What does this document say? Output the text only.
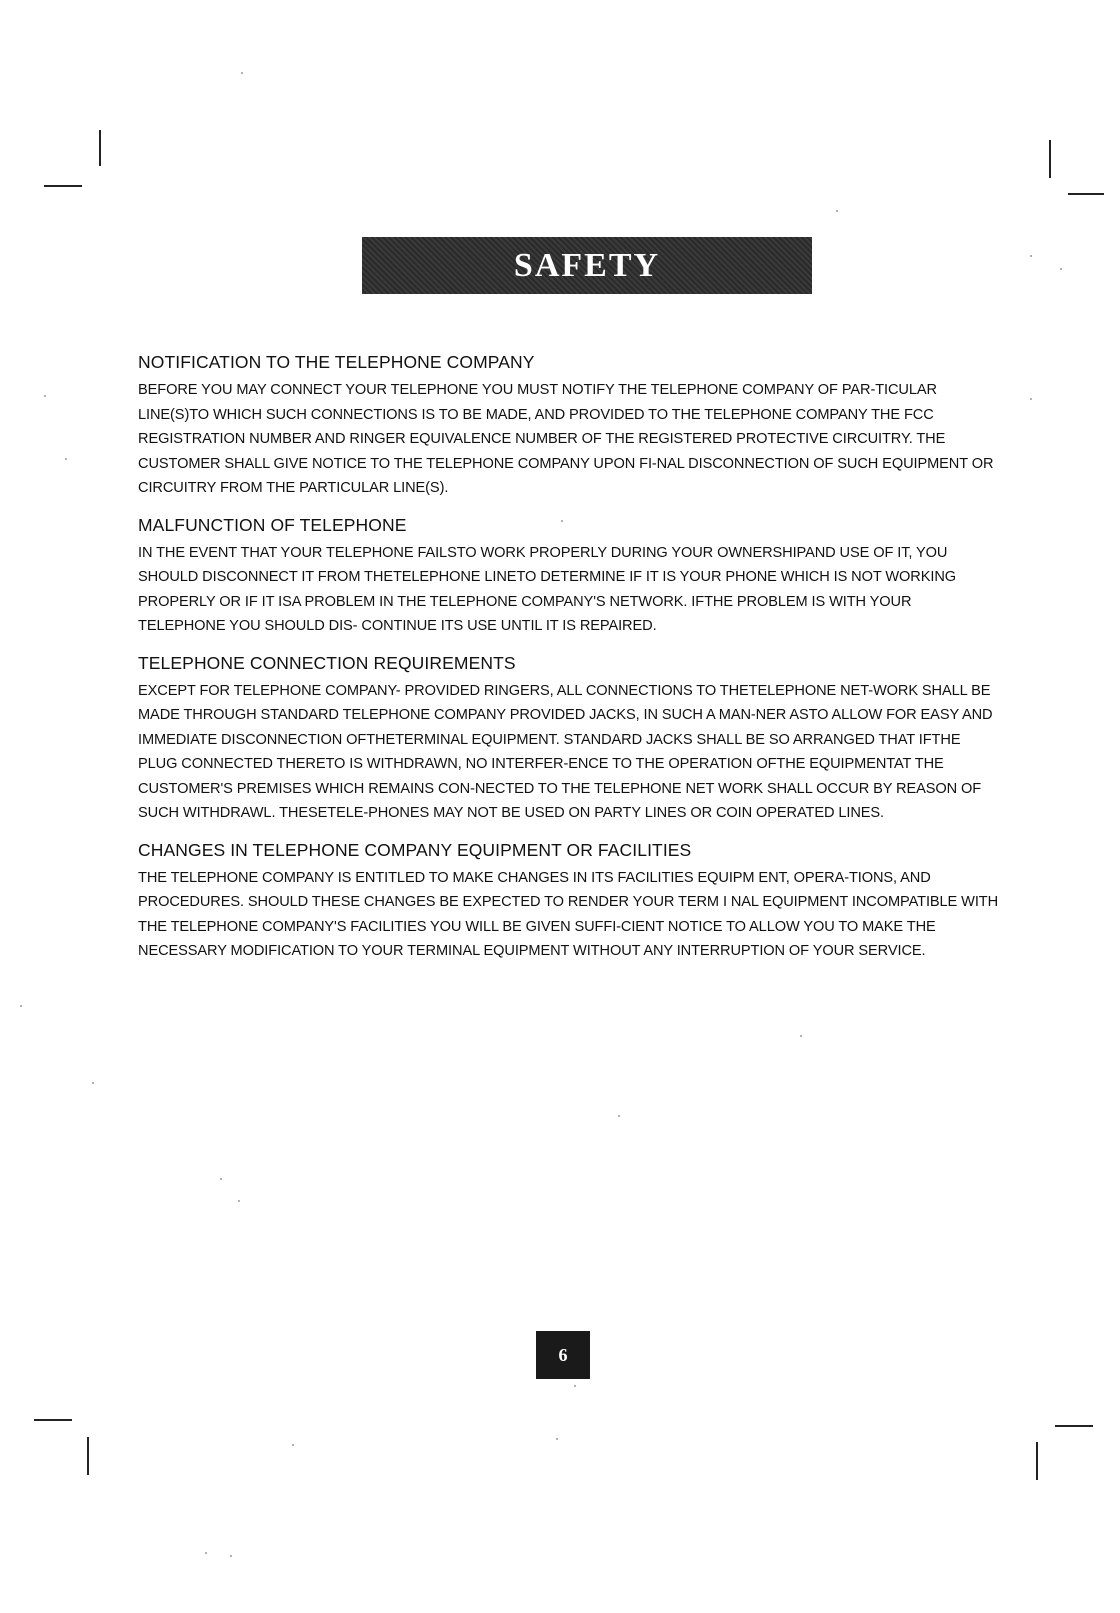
SAFETY
NOTIFICATION TO THE TELEPHONE COMPANY

BEFORE YOU MAY CONNECT YOUR TELEPHONE YOU MUST NOTIFY THE TELEPHONE COMPANY OF PAR-TICULAR LINE(S)TO WHICH SUCH CONNECTIONS IS TO BE MADE, AND PROVIDED TO THE TELEPHONE COMPANY THE FCC REGISTRATION NUMBER AND RINGER EQUIVALENCE NUMBER OF THE REGISTERED PROTECTIVE CIRCUITRY. THE CUSTOMER SHALL GIVE NOTICE TO THE TELEPHONE COMPANY UPON FI-NAL DISCONNECTION OF SUCH EQUIPMENT OR CIRCUITRY FROM THE PARTICULAR LINE(S).

MALFUNCTION OF TELEPHONE

IN THE EVENT THAT YOUR TELEPHONE FAILSTO WORK PROPERLY DURING YOUR OWNERSHIPAND USE OF IT, YOU SHOULD DISCONNECT IT FROM THETELEPHONE LINETO DETERMINE IF IT IS YOUR PHONE WHICH IS NOT WORKING PROPERLY OR IF IT ISA PROBLEM IN THE TELEPHONE COMPANY'S NETWORK. IFTHE PROBLEM IS WITH YOUR TELEPHONE YOU SHOULD DIS- CONTINUE ITS USE UNTIL IT IS REPAIRED.

TELEPHONE CONNECTION REQUIREMENTS

EXCEPT FOR TELEPHONE COMPANY- PROVIDED RINGERS, ALL CONNECTIONS TO THETELEPHONE NET-WORK SHALL BE MADE THROUGH STANDARD TELEPHONE COMPANY PROVIDED JACKS, IN SUCH A MAN-NER ASTO ALLOW FOR EASY AND IMMEDIATE DISCONNECTION OFTHETERMINAL EQUIPMENT. STANDARD JACKS SHALL BE SO ARRANGED THAT IFTHE PLUG CONNECTED THERETO IS WITHDRAWN, NO INTERFER-ENCE TO THE OPERATION OFTHE EQUIPMENTAT THE CUSTOMER'S PREMISES WHICH REMAINS CON-NECTED TO THE TELEPHONE NET WORK SHALL OCCUR BY REASON OF SUCH WITHDRAWL. THESETELE-PHONES MAY NOT BE USED ON PARTY LINES OR COIN OPERATED LINES.

CHANGES IN TELEPHONE COMPANY EQUIPMENT OR FACILITIES

THE TELEPHONE COMPANY IS ENTITLED TO MAKE CHANGES IN ITS FACILITIES EQUIPM ENT, OPERA-TIONS, AND PROCEDURES. SHOULD THESE CHANGES BE EXPECTED TO RENDER YOUR TERM I NAL EQUIPMENT INCOMPATIBLE WITH THE TELEPHONE COMPANY'S FACILITIES YOU WILL BE GIVEN SUFFI-CIENT NOTICE TO ALLOW YOU TO MAKE THE NECESSARY MODIFICATION TO YOUR TERMINAL EQUIPMENT WITHOUT ANY INTERRUPTION OF YOUR SERVICE.

6
